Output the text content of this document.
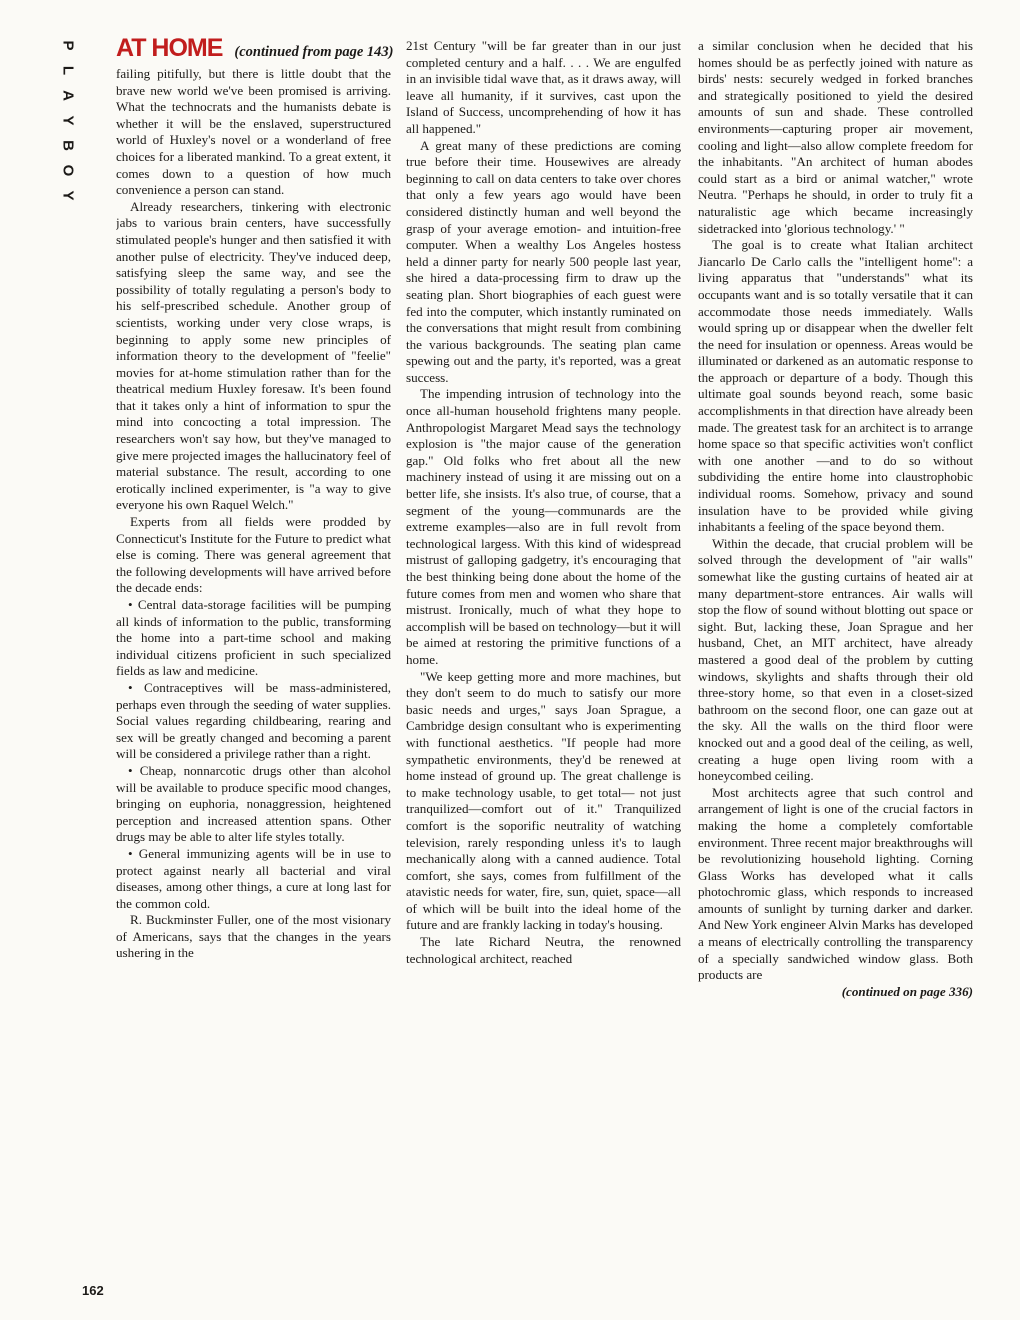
P
L
A
Y
B
O
Y
AT HOME (continued from page 143)

failing pitifully, but there is little doubt that the brave new world we've been promised is arriving. What the technocrats and the humanists debate is whether it will be the enslaved, superstructured world of Huxley's novel or a wonderland of free choices for a liberated mankind. To a great extent, it comes down to a question of how much convenience a person can stand.

Already researchers, tinkering with electronic jabs to various brain centers, have successfully stimulated people's hunger and then satisfied it with another pulse of electricity. They've induced deep, satisfying sleep the same way, and see the possibility of totally regulating a person's body to his self-prescribed schedule. Another group of scientists, working under very close wraps, is beginning to apply some new principles of information theory to the development of "feelie" movies for at-home stimulation rather than for the theatrical medium Huxley foresaw. It's been found that it takes only a hint of information to spur the mind into concocting a total impression. The researchers won't say how, but they've managed to give mere projected images the hallucinatory feel of material substance. The result, according to one erotically inclined experimenter, is "a way to give everyone his own Raquel Welch."

Experts from all fields were prodded by Connecticut's Institute for the Future to predict what else is coming. There was general agreement that the following developments will have arrived before the decade ends:

• Central data-storage facilities will be pumping all kinds of information to the public, transforming the home into a part-time school and making individual citizens proficient in such specialized fields as law and medicine.

• Contraceptives will be mass-administered, perhaps even through the seeding of water supplies. Social values regarding childbearing, rearing and sex will be greatly changed and becoming a parent will be considered a privilege rather than a right.

• Cheap, nonnarcotic drugs other than alcohol will be available to produce specific mood changes, bringing on euphoria, nonaggression, heightened perception and increased attention spans. Other drugs may be able to alter life styles totally.

• General immunizing agents will be in use to protect against nearly all bacterial and viral diseases, among other things, a cure at long last for the common cold.

R. Buckminster Fuller, one of the most visionary of Americans, says that the changes in the years ushering in the

21st Century "will be far greater than in our just completed century and a half. . . . We are engulfed in an invisible tidal wave that, as it draws away, will leave all humanity, if it survives, cast upon the Island of Success, uncomprehending of how it has all happened."

A great many of these predictions are coming true before their time. Housewives are already beginning to call on data centers to take over chores that only a few years ago would have been considered distinctly human and well beyond the grasp of your average emotion- and intuition-free computer. When a wealthy Los Angeles hostess held a dinner party for nearly 500 people last year, she hired a data-processing firm to draw up the seating plan. Short biographies of each guest were fed into the computer, which instantly ruminated on the conversations that might result from combining the various backgrounds. The seating plan came spewing out and the party, it's reported, was a great success.

The impending intrusion of technology into the once all-human household frightens many people. Anthropologist Margaret Mead says the technology explosion is "the major cause of the generation gap." Old folks who fret about all the new machinery instead of using it are missing out on a better life, she insists. It's also true, of course, that a segment of the young—communards are the extreme examples—also are in full revolt from technological largess. With this kind of widespread mistrust of galloping gadgetry, it's encouraging that the best thinking being done about the home of the future comes from men and women who share that mistrust. Ironically, much of what they hope to accomplish will be based on technology—but it will be aimed at restoring the primitive functions of a home.

"We keep getting more and more machines, but they don't seem to do much to satisfy our more basic needs and urges," says Joan Sprague, a Cambridge design consultant who is experimenting with functional aesthetics. "If people had more sympathetic environments, they'd be renewed at home instead of ground up. The great challenge is to make technology usable, to get total— not just tranquilized—comfort out of it." Tranquilized comfort is the soporific neutrality of watching television, rarely responding unless it's to laugh mechanically along with a canned audience. Total comfort, she says, comes from fulfillment of the atavistic needs for water, fire, sun, quiet, space—all of which will be built into the ideal home of the future and are frankly lacking in today's housing.

The late Richard Neutra, the renowned technological architect, reached

a similar conclusion when he decided that his homes should be as perfectly joined with nature as birds' nests: securely wedged in forked branches and strategically positioned to yield the desired amounts of sun and shade. These controlled environments—capturing proper air movement, cooling and light—also allow complete freedom for the inhabitants. "An architect of human abodes could start as a bird or animal watcher," wrote Neutra. "Perhaps he should, in order to truly fit a naturalistic age which became increasingly sidetracked into 'glorious technology.' "

The goal is to create what Italian architect Jiancarlo De Carlo calls the "intelligent home": a living apparatus that "understands" what its occupants want and is so totally versatile that it can accommodate those needs immediately. Walls would spring up or disappear when the dweller felt the need for insulation or openness. Areas would be illuminated or darkened as an automatic response to the approach or departure of a body. Though this ultimate goal sounds beyond reach, some basic accomplishments in that direction have already been made. The greatest task for an architect is to arrange home space so that specific activities won't conflict with one another —and to do so without subdividing the entire home into claustrophobic individual rooms. Somehow, privacy and sound insulation have to be provided while giving inhabitants a feeling of the space beyond them.

Within the decade, that crucial problem will be solved through the development of "air walls" somewhat like the gusting curtains of heated air at many department-store entrances. Air walls will stop the flow of sound without blotting out space or sight. But, lacking these, Joan Sprague and her husband, Chet, an MIT architect, have already mastered a good deal of the problem by cutting windows, skylights and shafts through their old three-story home, so that even in a closet-sized bathroom on the second floor, one can gaze out at the sky. All the walls on the third floor were knocked out and a good deal of the ceiling, as well, creating a huge open living room with a honeycombed ceiling.

Most architects agree that such control and arrangement of light is one of the crucial factors in making the home a completely comfortable environment. Three recent major breakthroughs will be revolutionizing household lighting. Corning Glass Works has developed what it calls photochromic glass, which responds to increased amounts of sunlight by turning darker and darker. And New York engineer Alvin Marks has developed a means of electrically controlling the transparency of a specially sandwiched window glass. Both products are

(continued on page 336)

162
